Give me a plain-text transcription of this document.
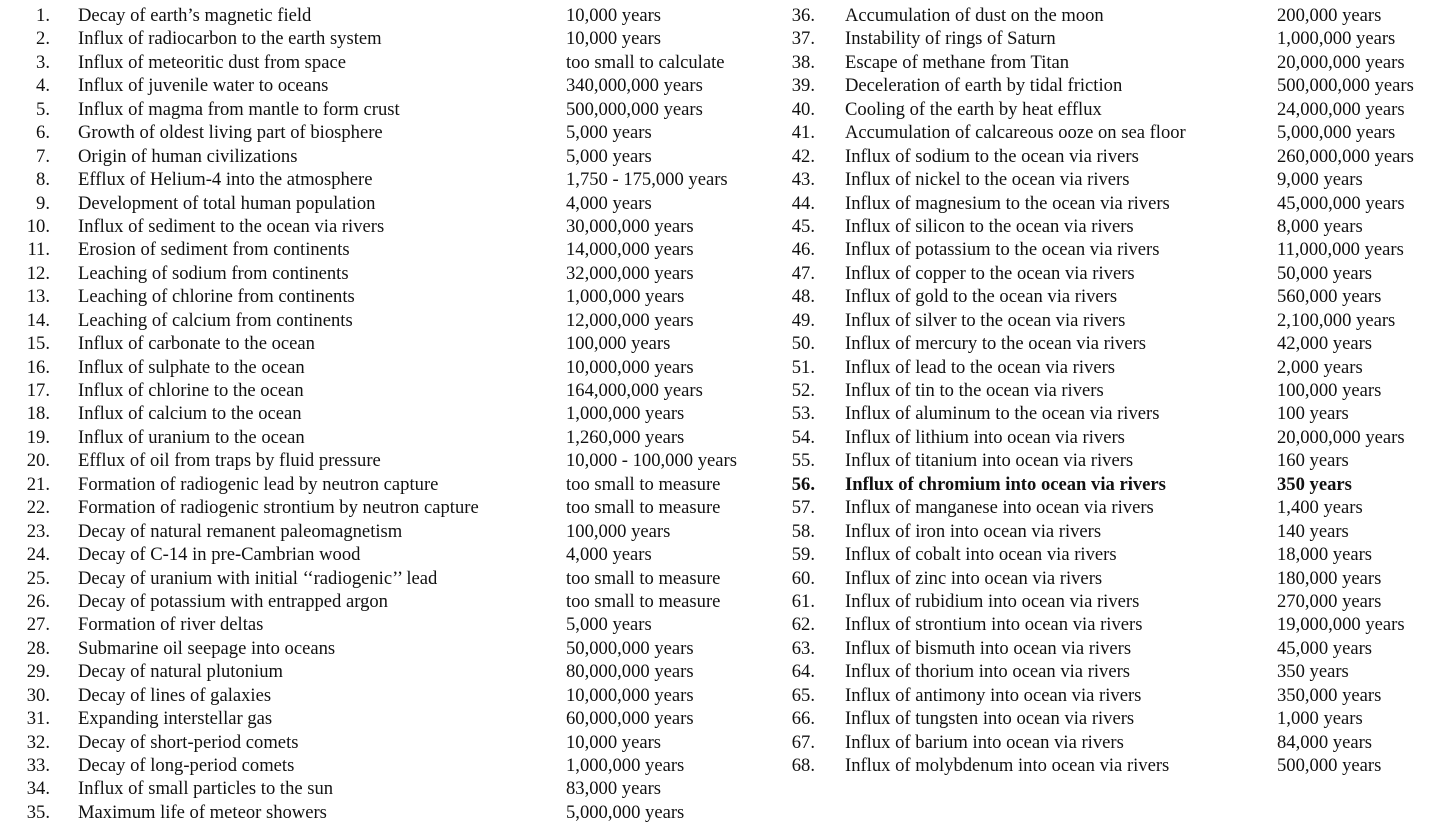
1. Decay of earth’s magnetic field	10,000 years
2. Influx of radiocarbon to the earth system	10,000 years
3. Influx of meteoritic dust from space	too small to calculate
4. Influx of juvenile water to oceans	340,000,000 years
5. Influx of magma from mantle to form crust	500,000,000 years
6. Growth of oldest living part of biosphere	5,000 years
7. Origin of human civilizations	5,000 years
8. Efflux of Helium-4 into the atmosphere	1,750 - 175,000 years
9. Development of total human population	4,000 years
10. Influx of sediment to the ocean via rivers	30,000,000 years
11. Erosion of sediment from continents	14,000,000 years
12. Leaching of sodium from continents	32,000,000 years
13. Leaching of chlorine from continents	1,000,000 years
14. Leaching of calcium from continents	12,000,000 years
15. Influx of carbonate to the ocean	100,000 years
16. Influx of sulphate to the ocean	10,000,000 years
17. Influx of chlorine to the ocean	164,000,000 years
18. Influx of calcium to the ocean	1,000,000 years
19. Influx of uranium to the ocean	1,260,000 years
20. Efflux of oil from traps by fluid pressure	10,000 - 100,000 years
21. Formation of radiogenic lead by neutron capture	too small to measure
22. Formation of radiogenic strontium by neutron capture	too small to measure
23. Decay of natural remanent paleomagnetism	100,000 years
24. Decay of C-14 in pre-Cambrian wood	4,000 years
25. Decay of uranium with initial ‘‘radiogenic’’ lead	too small to measure
26. Decay of potassium with entrapped argon	too small to measure
27. Formation of river deltas	5,000 years
28. Submarine oil seepage into oceans	50,000,000 years
29. Decay of natural plutonium	80,000,000 years
30. Decay of lines of galaxies	10,000,000 years
31. Expanding interstellar gas	60,000,000 years
32. Decay of short-period comets	10,000 years
33. Decay of long-period comets	1,000,000 years
34. Influx of small particles to the sun	83,000 years
35. Maximum life of meteor showers	5,000,000 years
36. Accumulation of dust on the moon	200,000 years
37. Instability of rings of Saturn	1,000,000 years
38. Escape of methane from Titan	20,000,000 years
39. Deceleration of earth by tidal friction	500,000,000 years
40. Cooling of the earth by heat efflux	24,000,000 years
41. Accumulation of calcareous ooze on sea floor	5,000,000 years
42. Influx of sodium to the ocean via rivers	260,000,000 years
43. Influx of nickel to the ocean via rivers	9,000 years
44. Influx of magnesium to the ocean via rivers	45,000,000 years
45. Influx of silicon to the ocean via rivers	8,000 years
46. Influx of potassium to the ocean via rivers	11,000,000 years
47. Influx of copper to the ocean via rivers	50,000 years
48. Influx of gold to the ocean via rivers	560,000 years
49. Influx of silver to the ocean via rivers	2,100,000 years
50. Influx of mercury to the ocean via rivers	42,000 years
51. Influx of lead to the ocean via rivers	2,000 years
52. Influx of tin to the ocean via rivers	100,000 years
53. Influx of aluminum to the ocean via rivers	100 years
54. Influx of lithium into ocean via rivers	20,000,000 years
55. Influx of titanium into ocean via rivers	160 years
56. Influx of chromium into ocean via rivers	350 years
57. Influx of manganese into ocean via rivers	1,400 years
58. Influx of iron into ocean via rivers	140 years
59. Influx of cobalt into ocean via rivers	18,000 years
60. Influx of zinc into ocean via rivers	180,000 years
61. Influx of rubidium into ocean via rivers	270,000 years
62. Influx of strontium into ocean via rivers	19,000,000 years
63. Influx of bismuth into ocean via rivers	45,000 years
64. Influx of thorium into ocean via rivers	350 years
65. Influx of antimony into ocean via rivers	350,000 years
66. Influx of tungsten into ocean via rivers	1,000 years
67. Influx of barium into ocean via rivers	84,000 years
68. Influx of molybdenum into ocean via rivers	500,000 years
